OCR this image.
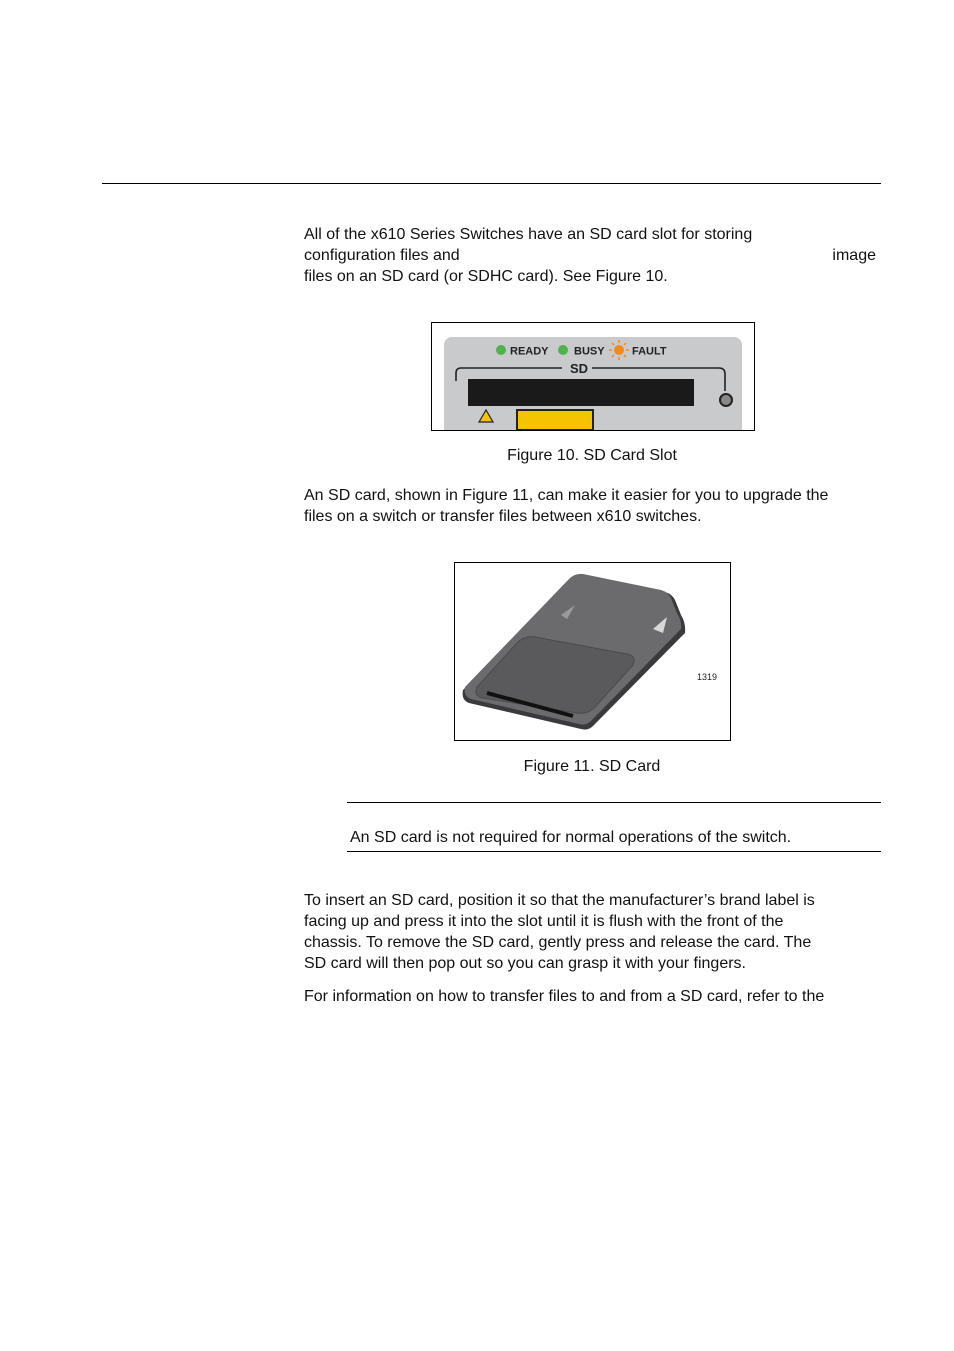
All of the x610 Series Switches have an SD card slot for storing
configuration files and	image
files on an SD card (or SDHC card). See Figure 10.

READY BUSY FAULT
SD
Figure 10. SD Card Slot

An SD card, shown in Figure 11, can make it easier for you to upgrade the
files on a switch or transfer files between x610 switches.

1319
Figure 11. SD Card
An SD card is not required for normal operations of the switch.

To insert an SD card, position it so that the manufacturer’s brand label is
facing up and press it into the slot until it is flush with the front of the
chassis. To remove the SD card, gently press and release the card. The
SD card will then pop out so you can grasp it with your fingers.

For information on how to transfer files to and from a SD card, refer to the
